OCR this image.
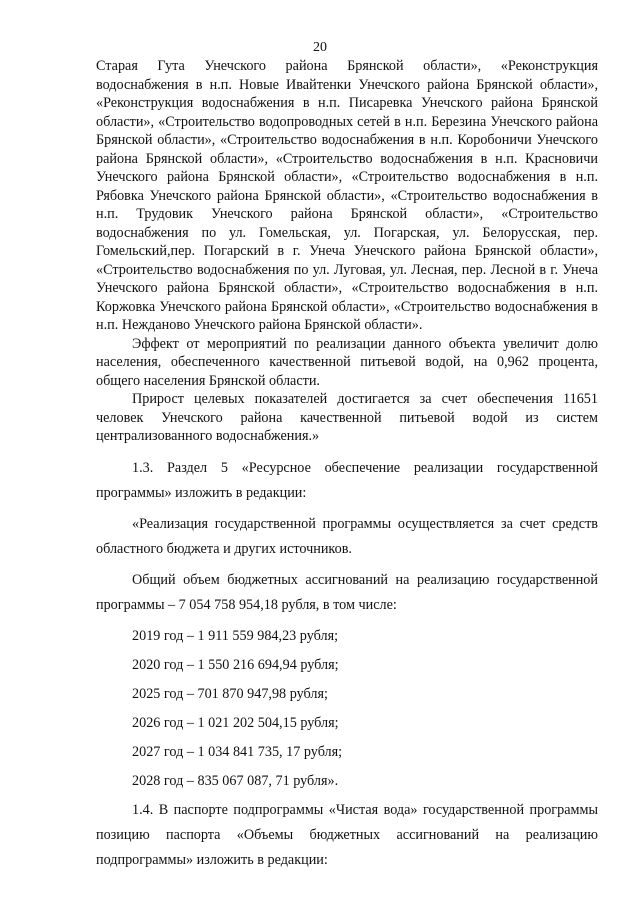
20

Старая Гута Унечского района Брянской области», «Реконструкция водоснабжения в н.п. Новые Ивайтенки Унечского района Брянской области», «Реконструкция водоснабжения в н.п. Писаревка Унечского района Брянской области», «Строительство водопроводных сетей в н.п. Березина Унечского района Брянской области», «Строительство водоснабжения в н.п. Коробоничи Унечского района Брянской области», «Строительство водоснабжения в н.п. Красновичи Унечского района Брянской области», «Строительство водоснабжения в н.п. Рябовка Унечского района Брянской области», «Строительство водоснабжения в н.п. Трудовик Унечского района Брянской области», «Строительство водоснабжения по ул. Гомельская, ул. Погарская, ул. Белорусская, пер. Гомельский,пер. Погарский в г. Унеча Унечского района Брянской области», «Строительство водоснабжения по ул. Луговая, ул. Лесная, пер. Лесной в г. Унеча Унечского района Брянской области», «Строительство водоснабжения в н.п. Коржовка Унечского района Брянской области», «Строительство водоснабжения в н.п. Нежданово Унечского района Брянской области».

Эффект от мероприятий по реализации данного объекта увеличит долю населения, обеспеченного качественной питьевой водой, на 0,962 процента, общего населения Брянской области.

Прирост целевых показателей достигается за счет обеспечения 11651 человек Унечского района качественной питьевой водой из систем централизованного водоснабжения.»

1.3. Раздел 5 «Ресурсное обеспечение реализации государственной программы» изложить в редакции:

«Реализация государственной программы осуществляется за счет средств областного бюджета и других источников.

Общий объем бюджетных ассигнований на реализацию государственной программы – 7 054 758 954,18 рубля, в том числе:

2019 год – 1 911 559 984,23 рубля;

2020 год – 1 550 216 694,94 рубля;

2025 год – 701 870 947,98 рубля;

2026 год – 1 021 202 504,15 рубля;

2027 год – 1 034 841 735, 17 рубля;

2028 год – 835 067 087, 71 рубля».

1.4. В паспорте подпрограммы «Чистая вода» государственной программы позицию паспорта «Объемы бюджетных ассигнований на реализацию подпрограммы» изложить в редакции:
